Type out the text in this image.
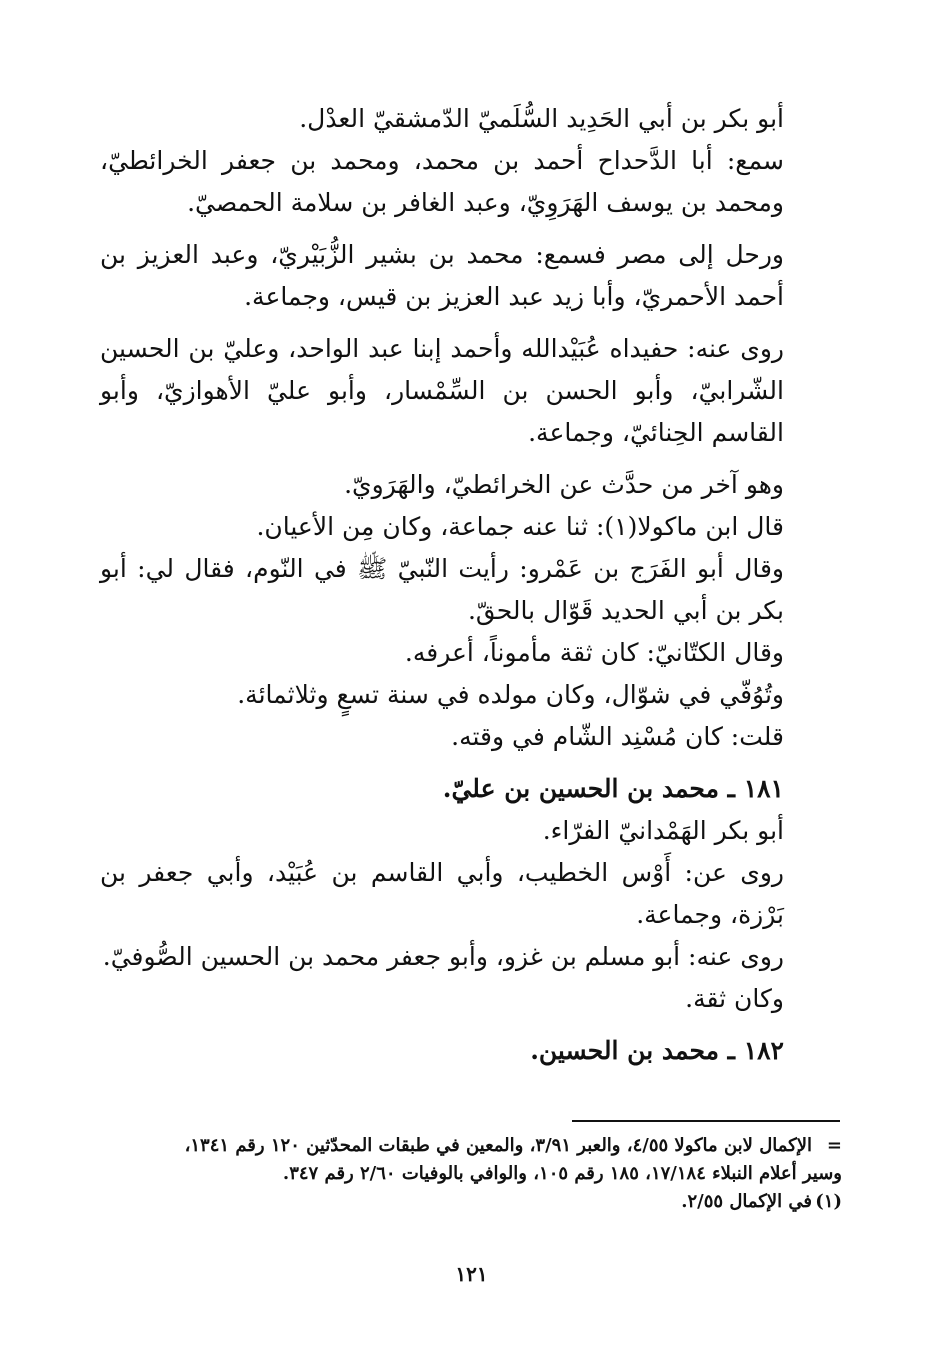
أبو بكر بن أبي الحَدِيد السُّلَميّ الدّمشقيّ العدْل.

سمع: أبا الدَّحداح أحمد بن محمد، ومحمد بن جعفر الخرائطيّ، ومحمد بن يوسف الهَرَوِيّ، وعبد الغافر بن سلامة الحمصيّ.

ورحل إلى مصر فسمع: محمد بن بشير الزُّبَيْريّ، وعبد العزيز بن أحمد الأحمريّ، وأبا زيد عبد العزيز بن قيس، وجماعة.

روى عنه: حفيداه عُبَيْدالله وأحمد إبنا عبد الواحد، وعليّ بن الحسين الشّرابيّ، وأبو الحسن بن السِّمْسار، وأبو عليّ الأهوازيّ، وأبو القاسم الحِنائيّ، وجماعة.

وهو آخر من حدَّث عن الخرائطيّ، والهَرَويّ.

قال ابن ماكولا(١): ثنا عنه جماعة، وكان مِن الأعيان.

وقال أبو الفَرَج بن عَمْرو: رأيت النّبيّ ﷺ في النّوم، فقال لي: أبو بكر بن أبي الحديد قَوّال بالحقّ.

وقال الكتّانيّ: كان ثقة مأموناً، أعرفه.

وتُوُفّي في شوّال، وكان مولده في سنة تسعٍ وثلاثمائة.

قلت: كان مُسْنِد الشّام في وقته.

١٨١ ـ محمد بن الحسين بن عليّ.

أبو بكر الهَمْدانيّ الفرّاء.

روى عن: أَوْس الخطيب، وأبي القاسم بن عُبَيْد، وأبي جعفر بن بَرْزة، وجماعة.

روى عنه: أبو مسلم بن غزو، وأبو جعفر محمد بن الحسين الصُّوفيّ.

وكان ثقة.

١٨٢ ـ محمد بن الحسين.

=الإكمال لابن ماكولا ٤/٥٥، والعبر ٣/٩١، والمعين في طبقات المحدّثين ١٢٠ رقم ١٣٤١،

وسير أعلام النبلاء ١٧/١٨٤، ١٨٥ رقم ١٠٥، والوافي بالوفيات ٢/٦٠ رقم ٣٤٧.

(١)في الإكمال ٢/٥٥.

١٢١
